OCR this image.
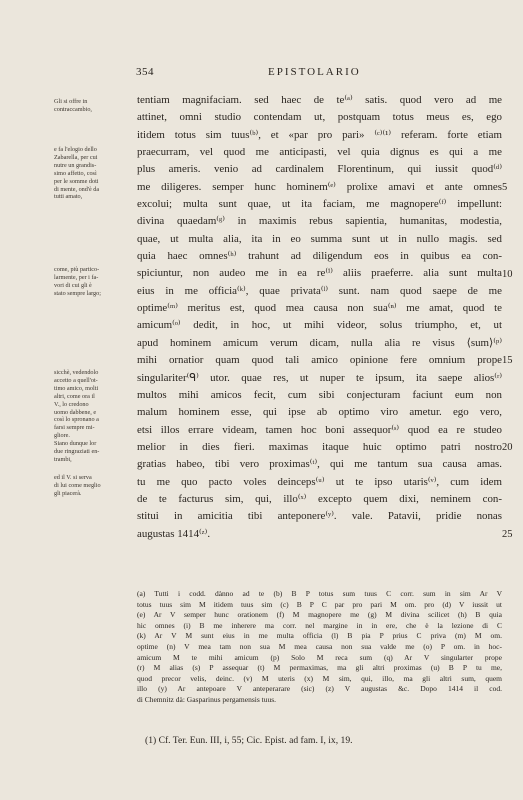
354	EPISTOLARIO
Gli si offre in
contraccambio,
e fa l'elogio dello
Zabarella, per cui
nutre un grandis-
simo affetto, così
per le somme doti
di mente, ond'è da
tutti amato,
come, più partico-
larmente, per i fa-
vori di cui gli è
stato sempre largo;
sicchè, vedendolo
accetto a quell'ot-
timo amico, molti
altri, come ora il
V., lo credono
uomo dabbene, e
così lo spronano a
farsi sempre mi-
gliore.
Siano dunque lor
due ringraziati en-
trambi,
ed il V. si serva
di lui come meglio
gli piacerà.
tentiam magnifaciam. sed haec de te⁽ᵃ⁾ satis. quod vero ad me
attinet, omni studio contendam ut, postquam totus meus es, ego
itidem totus sim tuus⁽ᵇ⁾, et «par pro pari» ⁽ᶜ⁾⁽¹⁾ referam. forte etiam
praecurram, vel quod me anticipasti, vel quia dignus es qui a me
plus ameris. venio ad cardinalem Florentinum, qui iussit quod⁽ᵈ⁾
me diligeres. semper hunc hominem⁽ᵉ⁾ prolixe amavi et ante omnes
excolui; multa sunt quae, ut ita faciam, me magnopere⁽ᶠ⁾ impellunt:
divina quaedam⁽ᵍ⁾ in maximis rebus sapientia, humanitas, modestia,
quae, ut multa alia, ita in eo summa sunt ut in nullo magis. sed
quia haec omnes⁽ʰ⁾ trahunt ad diligendum eos in quibus ea con-
spiciuntur, non audeo me in ea re⁽ⁱ⁾ aliis praeferre. alia sunt multa
eius in me officia⁽ᵏ⁾, quae privata⁽ˡ⁾ sunt. nam quod saepe de me
optime⁽ᵐ⁾ meritus est, quod mea causa non sua⁽ⁿ⁾ me amat, quod te
amicum⁽ᵒ⁾ dedit, in hoc, ut mihi videor, solus triumpho, et, ut
apud hominem amicum verum dicam, nulla alia re visus ⟨sum⟩⁽ᵖ⁾
mihi ornatior quam quod tali amico opinione fere omnium prope
singulariter⁽ᑫ⁾ utor. quae res, ut nuper te ipsum, ita saepe alios⁽ʳ⁾
multos mihi amicos fecit, cum sibi conjecturam faciunt eum non
malum hominem esse, qui ipse ab optimo viro ametur. ego vero,
etsi illos errare videam, tamen hoc boni assequor⁽ˢ⁾ quod ea re studeo
melior in dies fieri. maximas itaque huic optimo patri nostro
gratias habeo, tibi vero proximas⁽ᵗ⁾, qui me tantum sua causa amas.
tu me quo pacto voles deinceps⁽ᵘ⁾ ut te ipso utaris⁽ᵛ⁾, cum idem
de te facturus sim, qui, illo⁽ˣ⁾ excepto quem dixi, neminem con-
stitui in amicitia tibi anteponere⁽ʸ⁾. vale. Patavii, pridie nonas
augustas 1414⁽ᶻ⁾.
5
10
15
20
25
(a) Tutti i codd. dànno ad te (b) B P totus sum tuus C corr. sum in sim Ar V
totus tuus sim M itidem tuus sim (c) B P C par pro pari M om. pro (d) V iussit ut
(e) Ar V semper hunc orationem (f) M magnopere me (g) M divina scilicet (h) B quia
hic omnes (i) B me inherere ma corr. nel margine in in ere, che è la lezione di C
(k) Ar V M sunt eius in me multa officia (l) B pia P prius C priva (m) M om.
optime (n) V mea tam non sua M mea causa non sua valde me (o) P om. in hoc-
amicum M te mihi amicum (p) Solo M reca sum (q) Ar V singularter prope
(r) M alias (s) P assequar (t) M permaximas, ma gli altri proximas (u) B P tu me,
quod precor velis, deinc. (v) M uteris (x) M sim, qui, illo, ma gli altri sum, quem
illo (y) Ar antepoare V anteperarare (sic) (z) V augustas &c. Dopo 1414 il cod.
di Chemnitz dà: Gasparinus pergamensis tuus.
(1) Cf. Ter. Eun. III, i, 55; Cic. Epist. ad fam. I, ix, 19.
